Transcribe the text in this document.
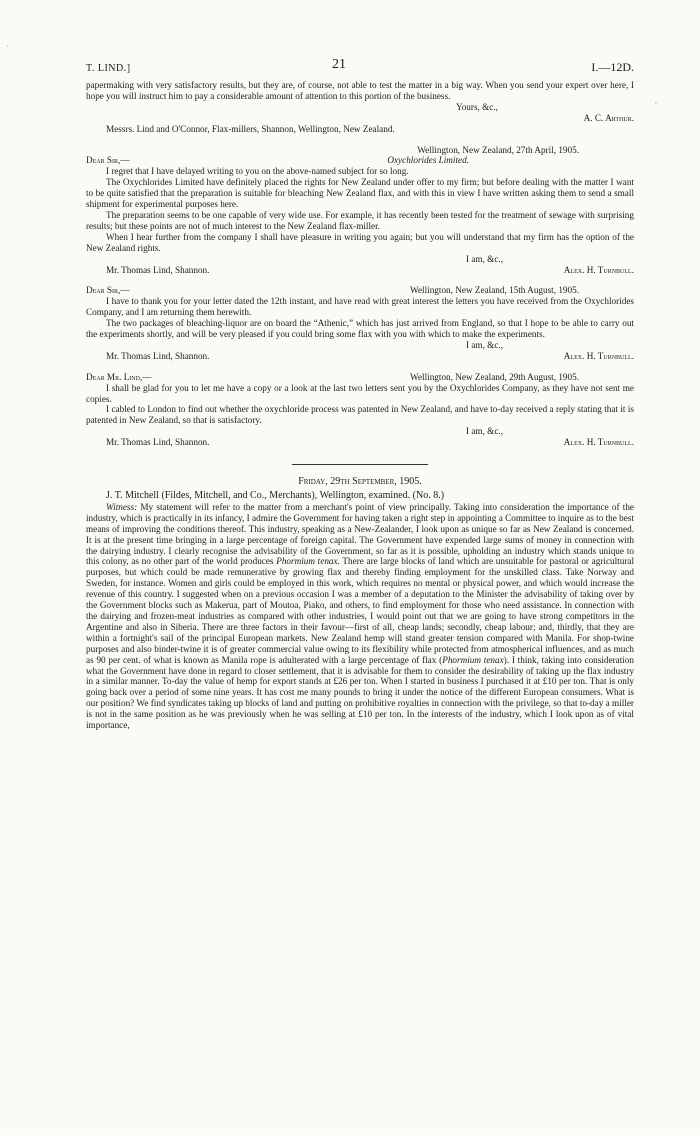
·
,
T. LIND.]	21	I.—12D.

papermaking with very satisfactory results, but they are, of course, not able to test the matter in a big way. When you send your expert over here, I hope you will instruct him to pay a considerable amount of attention to this portion of the business.

Yours, &c.,

A. C. Arthur.

Messrs. Lind and O'Connor, Flax-millers, Shannon, Wellington, New Zealand.

Wellington, New Zealand, 27th April, 1905.

Dear Sir,—	Oxychlorides Limited.

I regret that I have delayed writing to you on the above-named subject for so long.

The Oxychlorides Limited have definitely placed the rights for New Zealand under offer to my firm; but before dealing with the matter I want to be quite satisfied that the preparation is suitable for bleaching New Zealand flax, and with this in view I have written asking them to send a small shipment for experimental purposes here.

The preparation seems to be one capable of very wide use. For example, it has recently been tested for the treatment of sewage with surprising results; but these points are not of much interest to the New Zealand flax-miller.

When I hear further from the company I shall have pleasure in writing you again; but you will understand that my firm has the option of the New Zealand rights.

I am, &c.,

Mr. Thomas Lind, Shannon.	Alex. H. Turnbull.
Dear Sir,—	Wellington, New Zealand, 15th August, 1905.

I have to thank you for your letter dated the 12th instant, and have read with great interest the letters you have received from the Oxychlorides Company, and I am returning them herewith.

The two packages of bleaching-liquor are on board the “Athenic,” which has just arrived from England, so that I hope to be able to carry out the experiments shortly, and will be very pleased if you could bring some flax with you with which to make the experiments.

I am, &c.,

Mr. Thomas Lind, Shannon.	Alex. H. Turnbull.
Dear Mr. Lind,—	Wellington, New Zealand, 29th August, 1905.

I shall be glad for you to let me have a copy or a look at the last two letters sent you by the Oxychlorides Company, as they have not sent me copies.

I cabled to London to find out whether the oxychloride process was patented in New Zealand, and have to-day received a reply stating that it is patented in New Zealand, so that is satisfactory.

I am, &c.,

Mr. Thomas Lind, Shannon.	Alex. H. Turnbull.

Friday, 29th September, 1905.

J. T. Mitchell (Fildes, Mitchell, and Co., Merchants), Wellington, examined. (No. 8.)

Witness: My statement will refer to the matter from a merchant's point of view principally. Taking into consideration the importance of the industry, which is practically in its infancy, I admire the Government for having taken a right step in appointing a Committee to inquire as to the best means of improving the conditions thereof. This industry, speaking as a New-Zealander, I look upon as unique so far as New Zealand is concerned. It is at the present time bringing in a large percentage of foreign capital. The Government have expended large sums of money in connection with the dairying industry. I clearly recognise the advisability of the Government, so far as it is possible, upholding an industry which stands unique to this colony, as no other part of the world produces Phormium tenax. There are large blocks of land which are unsuitable for pastoral or agricultural purposes, but which could be made remunerative by growing flax and thereby finding employment for the unskilled class. Take Norway and Sweden, for instance. Women and girls could be employed in this work, which requires no mental or physical power, and which would increase the revenue of this country. I suggested when on a previous occasion I was a member of a deputation to the Minister the advisability of taking over by the Government blocks such as Makerua, part of Moutoa, Piako, and others, to find employment for those who need assistance. In connection with the dairying and frozen-meat industries as compared with other industries, I would point out that we are going to have strong competitors in the Argentine and also in Siberia. There are three factors in their favour—first of all, cheap lands; secondly, cheap labour; and, thirdly, that they are within a fortnight's sail of the principal European markets. New Zealand hemp will stand greater tension compared with Manila. For shop-twine purposes and also binder-twine it is of greater commercial value owing to its flexibility while protected from atmospherical influences, and as much as 90 per cent. of what is known as Manila rope is adulterated with a large percentage of flax (Phormium tenax). I think, taking into consideration what the Government have done in regard to closer settlement, that it is advisable for them to consider the desirability of taking up the flax industry in a similar manner. To-day the value of hemp for export stands at £26 per ton. When I started in business I purchased it at £10 per ton. That is only going back over a period of some nine years. It has cost me many pounds to bring it under the notice of the different European consumers. What is our position? We find syndicates taking up blocks of land and putting on prohibitive royalties in connection with the privilege, so that to-day a miller is not in the same position as he was previously when he was selling at £10 per ton. In the interests of the industry, which I look upon as of vital importance,
